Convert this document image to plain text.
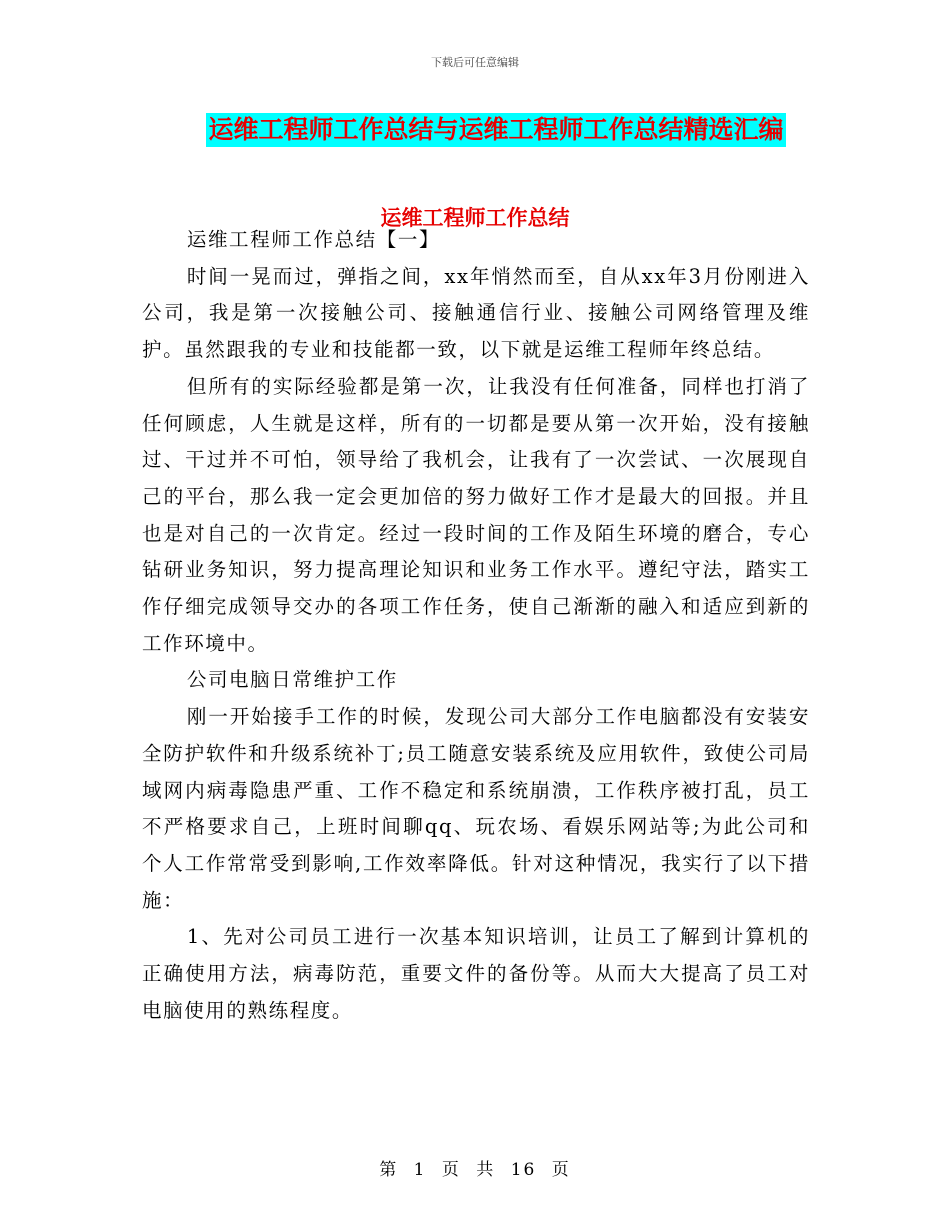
下载后可任意编辑
运维工程师工作总结与运维工程师工作总结精选汇编
运维工程师工作总结

运维工程师工作总结【一】

时间一晃而过，弹指之间，xx年悄然而至，自从xx年3月份刚进入公司，我是第一次接触公司、接触通信行业、接触公司网络管理及维护。虽然跟我的专业和技能都一致，以下就是运维工程师年终总结。

但所有的实际经验都是第一次，让我没有任何准备，同样也打消了任何顾虑，人生就是这样，所有的一切都是要从第一次开始，没有接触过、干过并不可怕，领导给了我机会，让我有了一次尝试、一次展现自己的平台，那么我一定会更加倍的努力做好工作才是最大的回报。并且也是对自己的一次肯定。经过一段时间的工作及陌生环境的磨合，专心钻研业务知识，努力提高理论知识和业务工作水平。遵纪守法，踏实工作仔细完成领导交办的各项工作任务，使自己渐渐的融入和适应到新的工作环境中。

公司电脑日常维护工作

刚一开始接手工作的时候，发现公司大部分工作电脑都没有安装安全防护软件和升级系统补丁;员工随意安装系统及应用软件，致使公司局域网内病毒隐患严重、工作不稳定和系统崩溃，工作秩序被打乱，员工不严格要求自己，上班时间聊qq、玩农场、看娱乐网站等;为此公司和个人工作常常受到影响,工作效率降低。针对这种情况，我实行了以下措施：

1、先对公司员工进行一次基本知识培训，让员工了解到计算机的正确使用方法，病毒防范，重要文件的备份等。从而大大提高了员工对电脑使用的熟练程度。

第 1 页 共 16 页
